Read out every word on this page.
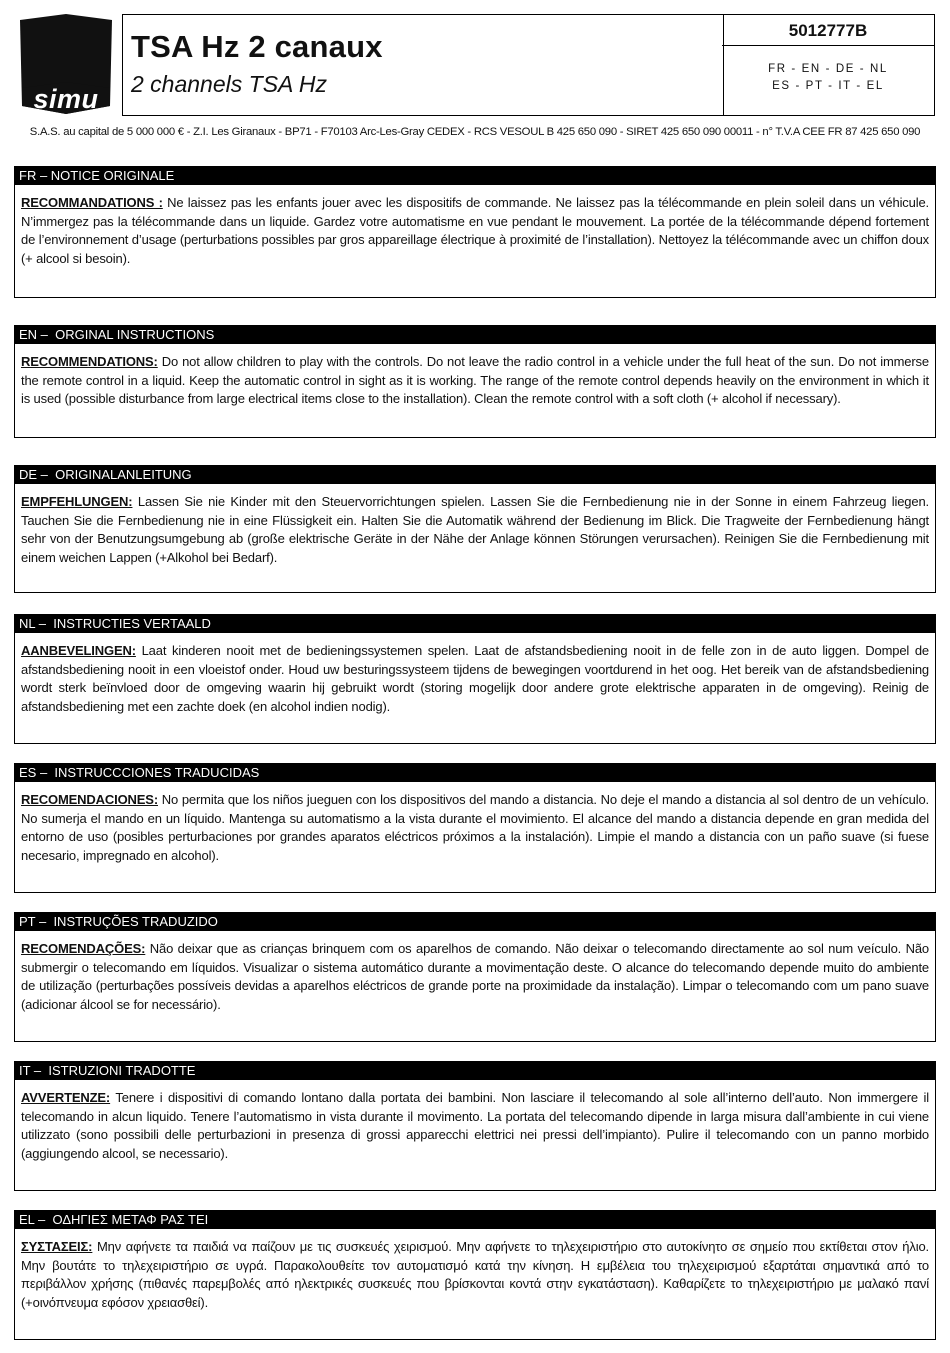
simu
TSA Hz 2 canaux
2 channels TSA Hz
5012777B
FR - EN - DE - NL
ES - PT - IT - EL
S.A.S. au capital de 5 000 000 € - Z.I. Les Giranaux - BP71 - F70103 Arc-Les-Gray CEDEX - RCS VESOUL B 425 650 090 - SIRET 425 650 090 00011 - n° T.V.A CEE FR 87 425 650 090
FR – NOTICE ORIGINALE
RECOMMANDATIONS : Ne laissez pas les enfants jouer avec les dispositifs de commande. Ne laissez pas la télécommande en plein soleil dans un véhicule. N’immergez pas la télécommande dans un liquide. Gardez votre automatisme en vue pendant le mouvement. La portée de la télécommande dépend fortement de l’environnement d’usage (perturbations possibles par gros appareillage électrique à proximité de l’installation). Nettoyez la télécommande avec un chiffon doux (+ alcool si besoin).
EN –  ORGINAL INSTRUCTIONS
RECOMMENDATIONS: Do not allow children to play with the controls. Do not leave the radio control in a vehicle under the full heat of the sun. Do not immerse the remote control in a liquid. Keep the automatic control in sight as it is working. The range of the remote control depends heavily on the environment in which it is used (possible disturbance from large electrical items close to the installation). Clean the remote control with a soft cloth (+ alcohol if necessary).
DE –  ORIGINALANLEITUNG
EMPFEHLUNGEN: Lassen Sie nie Kinder mit den Steuervorrichtungen spielen. Lassen Sie die Fernbedienung nie in der Sonne in einem Fahrzeug liegen. Tauchen Sie die Fernbedienung nie in eine Flüssigkeit ein. Halten Sie die Automatik während der Bedienung im Blick. Die Tragweite der Fernbedienung hängt sehr von der Benutzungsumgebung ab (große elektrische Geräte in der Nähe der Anlage können Störungen verursachen). Reinigen Sie die Fernbedienung mit einem weichen Lappen (+Alkohol bei Bedarf).
NL –  INSTRUCTIES VERTAALD
AANBEVELINGEN: Laat kinderen nooit met de bedieningssystemen spelen. Laat de afstandsbediening nooit in de felle zon in de auto liggen. Dompel de afstandsbediening nooit in een vloeistof onder. Houd uw besturingssysteem tijdens de bewegingen voortdurend in het oog. Het bereik van de afstandsbediening wordt sterk beïnvloed door de omgeving waarin hij gebruikt wordt (storing mogelijk door andere grote elektrische apparaten in de omgeving). Reinig de afstandsbediening met een zachte doek (en alcohol indien nodig).
ES –  INSTRUCCCIONES TRADUCIDAS
RECOMENDACIONES: No permita que los niños jueguen con los dispositivos del mando a distancia. No deje el mando a distancia al sol dentro de un vehículo. No sumerja el mando en un líquido. Mantenga su automatismo a la vista durante el movimiento. El alcance del mando a distancia depende en gran medida del entorno de uso (posibles perturbaciones por grandes aparatos eléctricos próximos a la instalación). Limpie el mando a distancia con un paño suave (si fuese necesario, impregnado en alcohol).
PT –  INSTRUÇÕES TRADUZIDO
RECOMENDAÇÕES: Não deixar que as crianças brinquem com os aparelhos de comando. Não deixar o telecomando directamente ao sol num veículo. Não submergir o telecomando em líquidos. Visualizar o sistema automático durante a movimentação deste. O alcance do telecomando depende muito do ambiente de utilização (perturbações possíveis devidas a aparelhos eléctricos de grande porte na proximidade da instalação). Limpar o telecomando com um pano suave (adicionar álcool se for necessário).
IT –  ISTRUZIONI TRADOTTE
AVVERTENZE: Tenere i dispositivi di comando lontano dalla portata dei bambini. Non lasciare il telecomando al sole all’interno dell’auto. Non immergere il telecomando in alcun liquido. Tenere l’automatismo in vista durante il movimento. La portata del telecomando dipende in larga misura dall’ambiente in cui viene utilizzato (sono possibili delle perturbazioni in presenza di grossi apparecchi elettrici nei pressi dell’impianto). Pulire il telecomando con un panno morbido (aggiungendo alcool, se necessario).
EL –  ΟΔΗΓΙΕΣ ΜΕΤΑΦ ΡΑΣ ΤΕΙ
ΣΥΣΤΑΣΕΙΣ: Μην αφήνετε τα παιδιά να παίζουν με τις συσκευές χειρισμού. Μην αφήνετε το τηλεχειριστήριο στο αυτοκίνητο σε σημείο που εκτίθεται στον ήλιο. Μην βουτάτε το τηλεχειριστήριο σε υγρά. Παρακολουθείτε τον αυτοματισμό κατά την κίνηση. Η εμβέλεια του τηλεχειρισμού εξαρτάται σημαντικά από το περιβάλλον χρήσης (πιθανές παρεμβολές από ηλεκτρικές συσκευές που βρίσκονται κοντά στην εγκατάσταση). Καθαρίζετε το τηλεχειριστήριο με μαλακό πανί (+οινόπνευμα εφόσον χρειασθεί).
